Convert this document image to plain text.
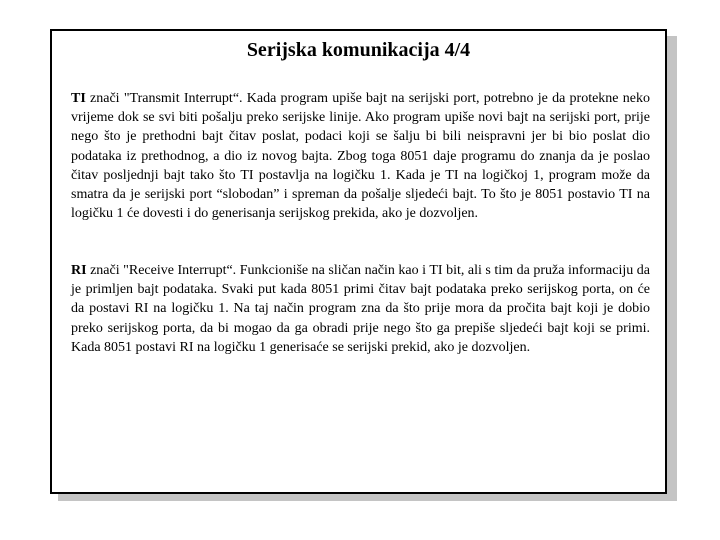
Serijska komunikacija 4/4

TI znači "Transmit Interrupt“. Kada program upiše bajt na serijski port, potrebno je da protekne neko vrijeme dok se svi biti pošalju preko serijske linije. Ako program upiše novi bajt na serijski port, prije nego što je prethodni bajt čitav poslat, podaci koji se šalju bi bili neispravni jer bi bio poslat dio podataka iz prethodnog, a dio iz novog bajta. Zbog toga 8051 daje programu do znanja da je poslao čitav posljednji bajt tako što TI postavlja na logičku 1. Kada je TI na logičkoj 1, program može da smatra da je serijski port “slobodan” i spreman da pošalje sljedeći bajt. To što je 8051 postavio TI na logičku 1 će dovesti i do generisanja serijskog prekida, ako je dozvoljen.

RI znači "Receive Interrupt“. Funkcioniše na sličan način kao i TI bit, ali s tim da pruža informaciju da je primljen bajt podataka. Svaki put kada 8051 primi čitav bajt podataka preko serijskog porta, on će da postavi RI na logičku 1. Na taj način program zna da što prije mora da pročita bajt koji je dobio preko serijskog porta, da bi mogao da ga obradi prije nego što ga prepiše sljedeći bajt koji se primi. Kada 8051 postavi RI na logičku 1 generisaće se serijski prekid, ako je dozvoljen.
